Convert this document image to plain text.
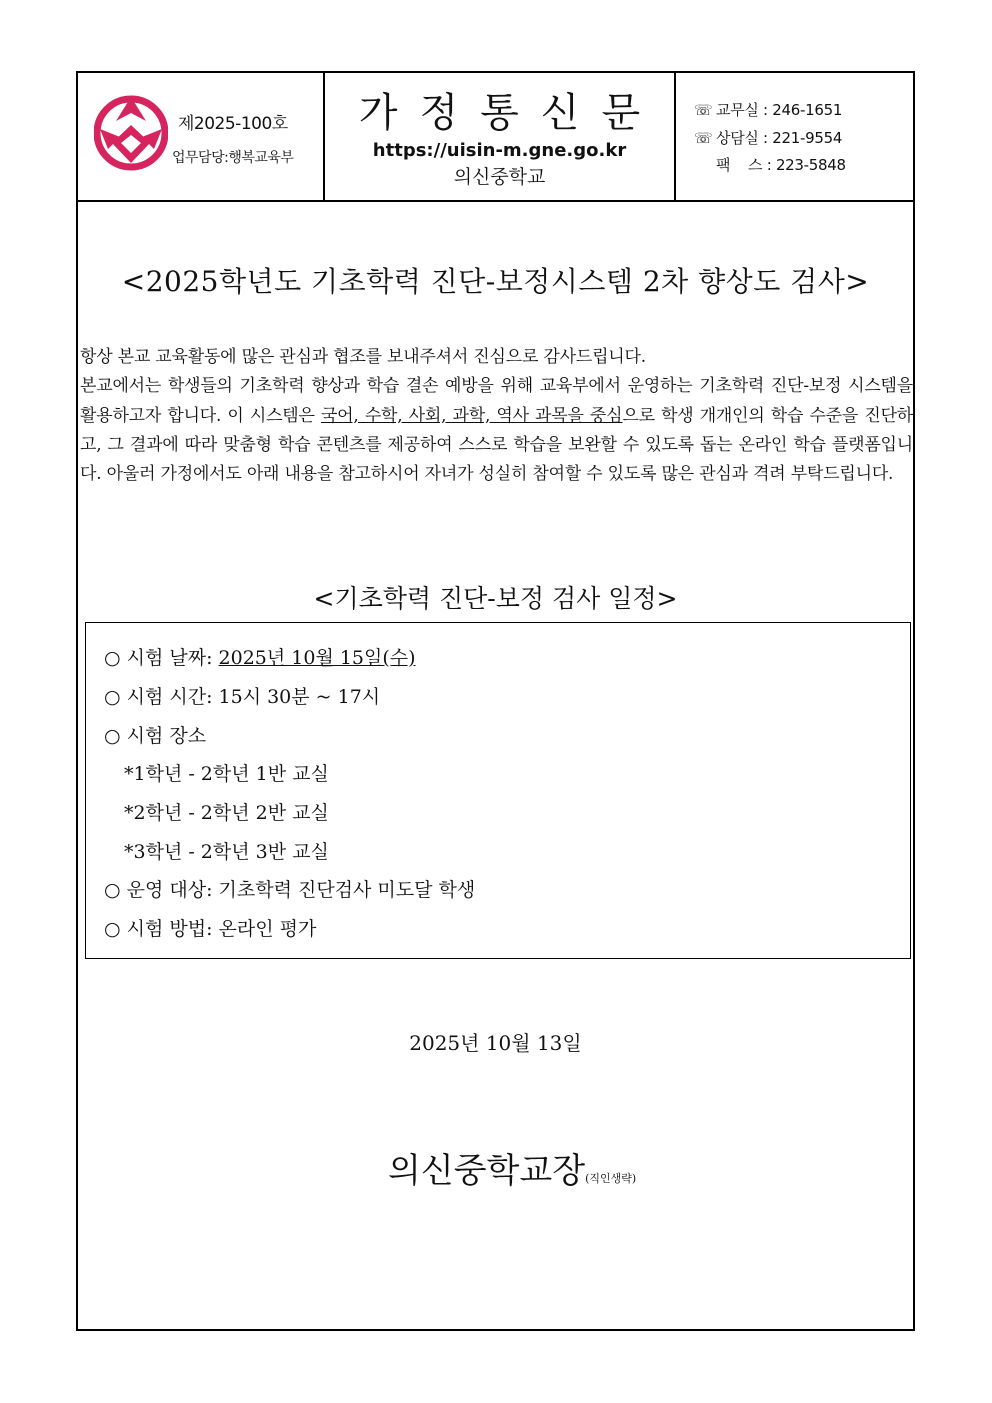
제2025-100호
업무담당:행복교육부
가정통신문
https://uisin-m.gne.go.kr
의신중학교
☏ 교무실 : 246-1651
☏ 상담실 : 221-9554
팩    스 : 223-5848
<2025학년도 기초학력 진단-보정시스템 2차 향상도 검사>
항상 본교 교육활동에 많은 관심과 협조를 보내주셔서 진심으로 감사드립니다.
본교에서는 학생들의 기초학력 향상과 학습 결손 예방을 위해 교육부에서 운영하는 기초학력 진단-보정 시스템을 활용하고자 합니다. 이 시스템은 국어, 수학, 사회, 과학, 역사 과목을 중심으로 학생 개개인의 학습 수준을 진단하고, 그 결과에 따라 맞춤형 학습 콘텐츠를 제공하여 스스로 학습을 보완할 수 있도록 돕는 온라인 학습 플랫폼입니다. 아울러 가정에서도 아래 내용을 참고하시어 자녀가 성실히 참여할 수 있도록 많은 관심과 격려 부탁드립니다.
<기초학력 진단-보정 검사 일정>
○ 시험 날짜: 2025년 10월 15일(수)
○ 시험 시간: 15시 30분 ~ 17시
○ 시험 장소
*1학년 - 2학년 1반 교실
*2학년 - 2학년 2반 교실
*3학년 - 2학년 3반 교실
○ 운영 대상: 기초학력 진단검사 미도달 학생
○ 시험 방법: 온라인 평가
2025년 10월 13일
의신중학교장(직인생략)
